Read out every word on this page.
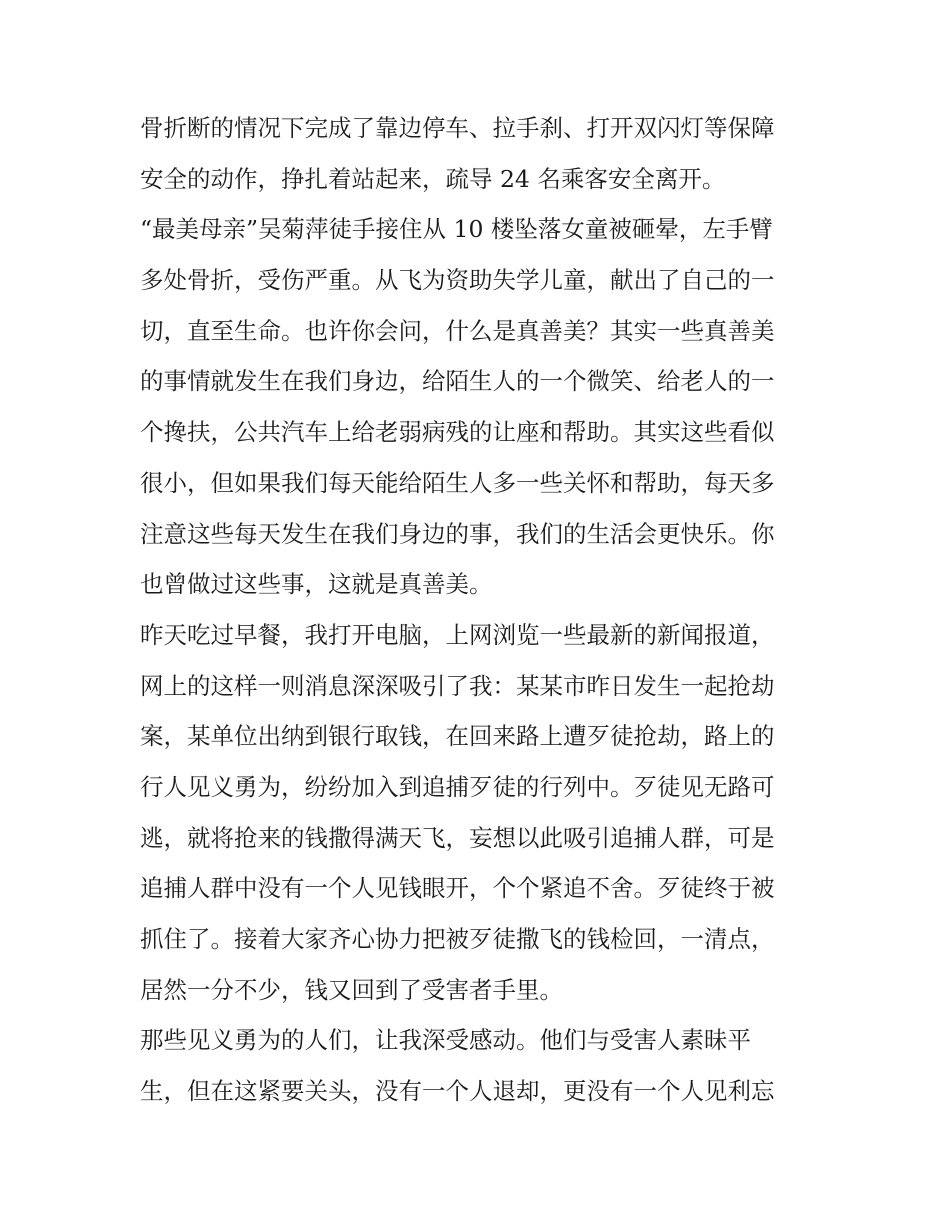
骨折断的情况下完成了靠边停车、拉手刹、打开双闪灯等保障
安全的动作，挣扎着站起来，疏导 24 名乘客安全离开。
“最美母亲”吴菊萍徒手接住从 10 楼坠落女童被砸晕，左手臂
多处骨折，受伤严重。从飞为资助失学儿童，献出了自己的一
切，直至生命。也许你会问，什么是真善美？其实一些真善美
的事情就发生在我们身边，给陌生人的一个微笑、给老人的一
个搀扶，公共汽车上给老弱病残的让座和帮助。其实这些看似
很小，但如果我们每天能给陌生人多一些关怀和帮助，每天多
注意这些每天发生在我们身边的事，我们的生活会更快乐。你
也曾做过这些事，这就是真善美。
昨天吃过早餐，我打开电脑，上网浏览一些最新的新闻报道，
网上的这样一则消息深深吸引了我：某某市昨日发生一起抢劫
案，某单位出纳到银行取钱，在回来路上遭歹徒抢劫，路上的
行人见义勇为，纷纷加入到追捕歹徒的行列中。歹徒见无路可
逃，就将抢来的钱撒得满天飞，妄想以此吸引追捕人群，可是
追捕人群中没有一个人见钱眼开，个个紧追不舍。歹徒终于被
抓住了。接着大家齐心协力把被歹徒撒飞的钱检回，一清点，
居然一分不少，钱又回到了受害者手里。
那些见义勇为的人们，让我深受感动。他们与受害人素昧平
生，但在这紧要关头，没有一个人退却，更没有一个人见利忘
